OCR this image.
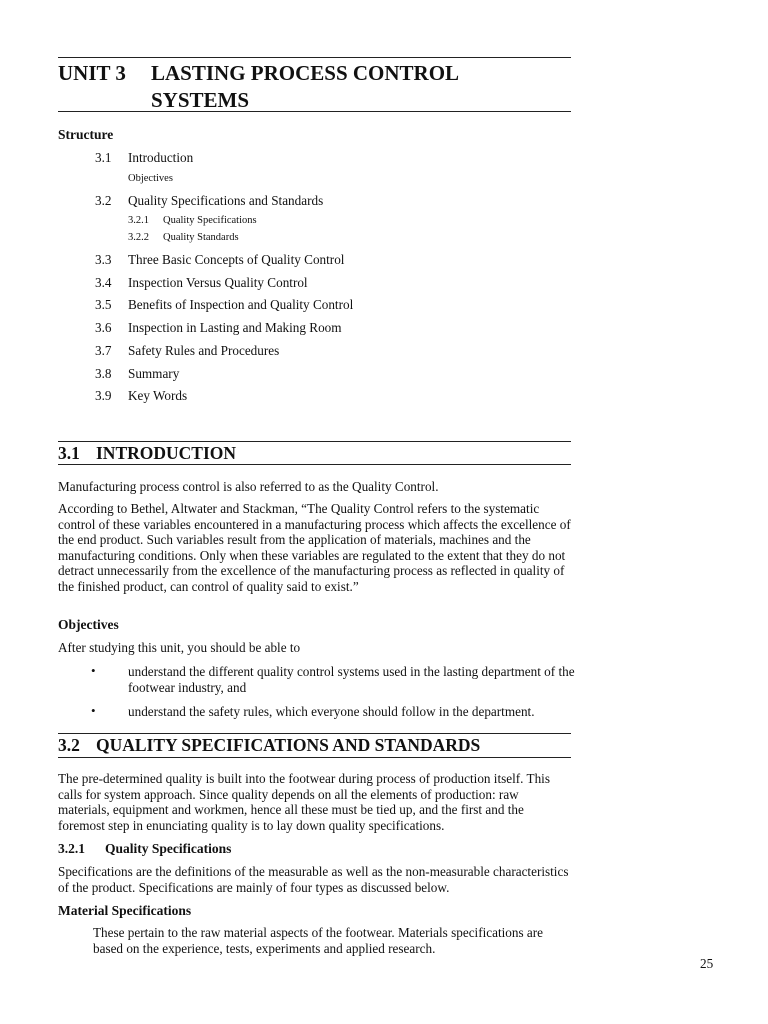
UNIT 3 LASTING PROCESS CONTROL
SYSTEMS
Structure
3.1 Introduction
Objectives
3.2 Quality Specifications and Standards
3.2.1 Quality Specifications
3.2.2 Quality Standards
3.3 Three Basic Concepts of Quality Control
3.4 Inspection Versus Quality Control
3.5 Benefits of Inspection and Quality Control
3.6 Inspection in Lasting and Making Room
3.7 Safety Rules and Procedures
3.8 Summary
3.9 Key Words
3.1 INTRODUCTION
Manufacturing process control is also referred to as the Quality Control.
According to Bethel, Altwater and Stackman, “The Quality Control refers to the systematic control of these variables encountered in a manufacturing process which affects the excellence of the end product. Such variables result from the application of materials, machines and the manufacturing conditions. Only when these variables are regulated to the extent that they do not detract unnecessarily from the excellence of the manufacturing process as reflected in quality of the finished product, can control of quality said to exist.”
Objectives
After studying this unit, you should be able to
• understand the different quality control systems used in the lasting department of the footwear industry, and
• understand the safety rules, which everyone should follow in the department.
3.2 QUALITY SPECIFICATIONS AND STANDARDS
The pre-determined quality is built into the footwear during process of production itself. This calls for system approach. Since quality depends on all the elements of production: raw materials, equipment and workmen, hence all these must be tied up, and the first and the foremost step in enunciating quality is to lay down quality specifications.
3.2.1 Quality Specifications
Specifications are the definitions of the measurable as well as the non-measurable characteristics of the product. Specifications are mainly of four types as discussed below.
Material Specifications
These pertain to the raw material aspects of the footwear. Materials specifications are based on the experience, tests, experiments and applied research.
25
